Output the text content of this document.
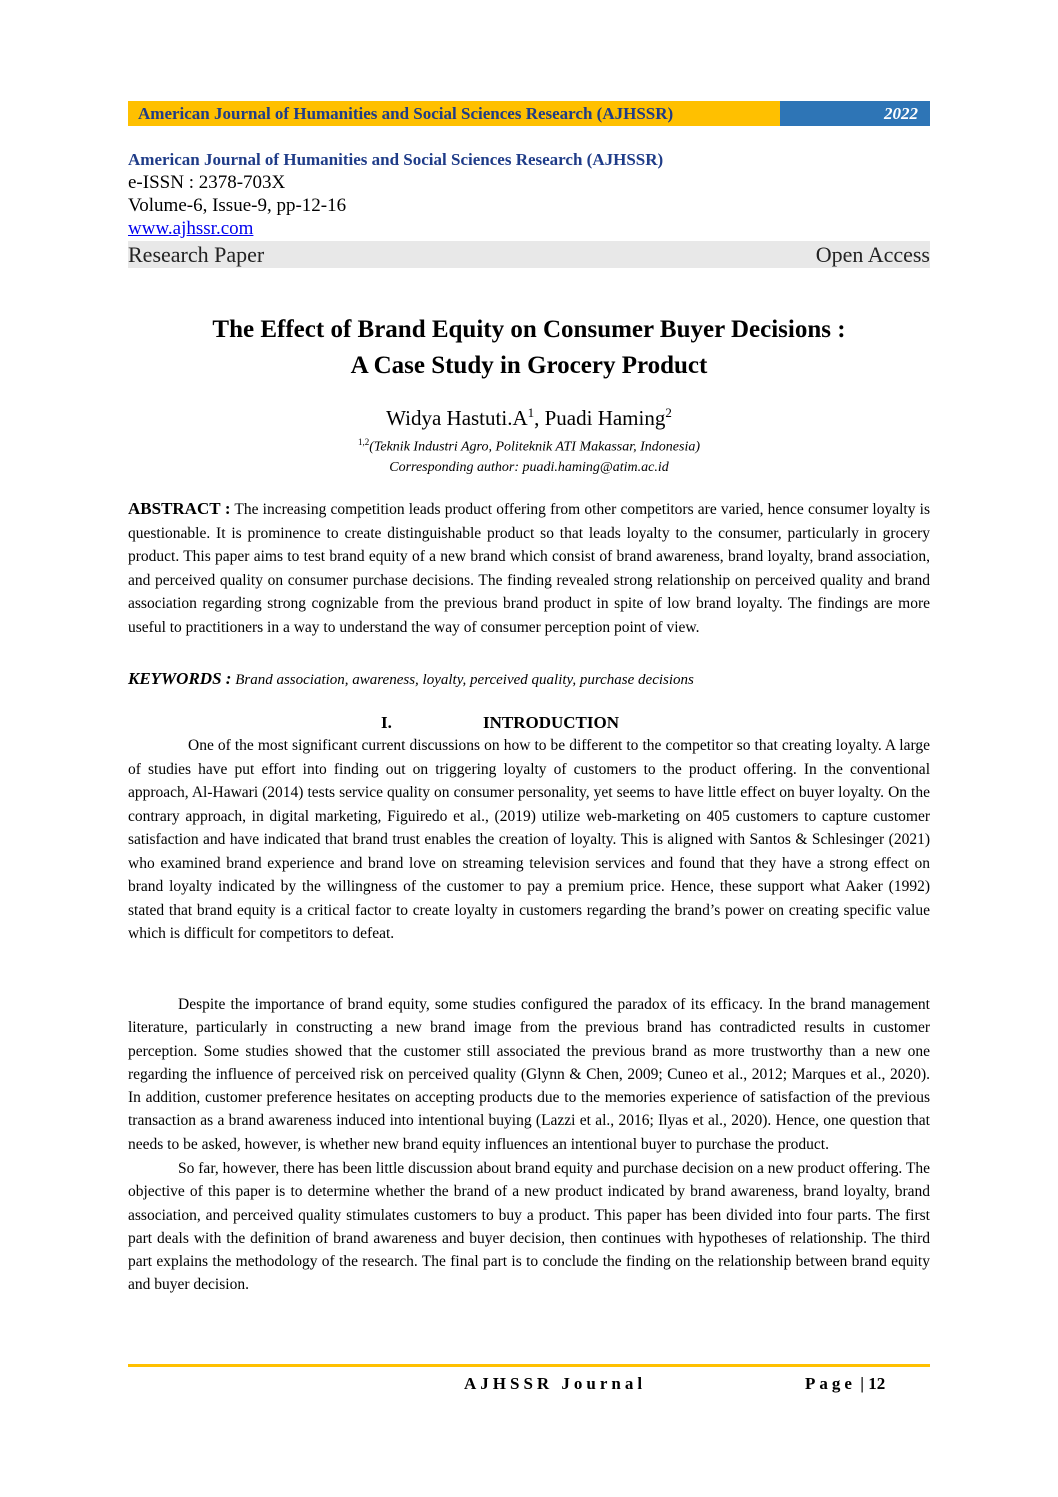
American Journal of Humanities and Social Sciences Research (AJHSSR)	2022
American Journal of Humanities and Social Sciences Research (AJHSSR)
e-ISSN : 2378-703X
Volume-6, Issue-9, pp-12-16
www.ajhssr.com
Research Paper	Open Access
The Effect of Brand Equity on Consumer Buyer Decisions :
A Case Study in Grocery Product
Widya $Hastuti.A^1$, Puadi Haming$^2$
$^{1,2}$(Teknik Industri Agro, Politeknik ATI Makassar, Indonesia)
Corresponding author: puadi.haming@atim.ac.id
ABSTRACT : The increasing competition leads product offering from other competitors are varied, hence consumer loyalty is questionable. It is prominence to create distinguishable product so that leads loyalty to the consumer, particularly in grocery product. This paper aims to test brand equity of a new brand which consist of brand awareness, brand loyalty, brand association, and perceived quality on consumer purchase decisions. The finding revealed strong relationship on perceived quality and brand association regarding strong cognizable from the previous brand product in spite of low brand loyalty. The findings are more useful to practitioners in a way to understand the way of consumer perception point of view.
KEYWORDS : Brand association, awareness, loyalty, perceived quality, purchase decisions
I.	INTRODUCTION
One of the most significant current discussions on how to be different to the competitor so that creating loyalty. A large of studies have put effort into finding out on triggering loyalty of customers to the product offering. In the conventional approach, Al-Hawari (2014) tests service quality on consumer personality, yet seems to have little effect on buyer loyalty. On the contrary approach, in digital marketing, Figuiredo et al., (2019) utilize web-marketing on 405 customers to capture customer satisfaction and have indicated that brand trust enables the creation of loyalty. This is aligned with Santos & Schlesinger (2021) who examined brand experience and brand love on streaming television services and found that they have a strong effect on brand loyalty indicated by the willingness of the customer to pay a premium price. Hence, these support what Aaker (1992) stated that brand equity is a critical factor to create loyalty in customers regarding the brand’s power on creating specific value which is difficult for competitors to defeat.
Despite the importance of brand equity, some studies configured the paradox of its efficacy. In the brand management literature, particularly in constructing a new brand image from the previous brand has contradicted results in customer perception. Some studies showed that the customer still associated the previous brand as more trustworthy than a new one regarding the influence of perceived risk on perceived quality (Glynn & Chen, 2009; Cuneo et al., 2012; Marques et al., 2020). In addition, customer preference hesitates on accepting products due to the memories experience of satisfaction of the previous transaction as a brand awareness induced into intentional buying (Lazzi et al., 2016; Ilyas et al., 2020). Hence, one question that needs to be asked, however, is whether new brand equity influences an intentional buyer to purchase the product.
So far, however, there has been little discussion about brand equity and purchase decision on a new product offering. The objective of this paper is to determine whether the brand of a new product indicated by brand awareness, brand loyalty, brand association, and perceived quality stimulates customers to buy a product. This paper has been divided into four parts. The first part deals with the definition of brand awareness and buyer decision, then continues with hypotheses of relationship. The third part explains the methodology of the research. The final part is to conclude the finding on the relationship between brand equity and buyer decision.
AJHSSR Journal	Page | 12
